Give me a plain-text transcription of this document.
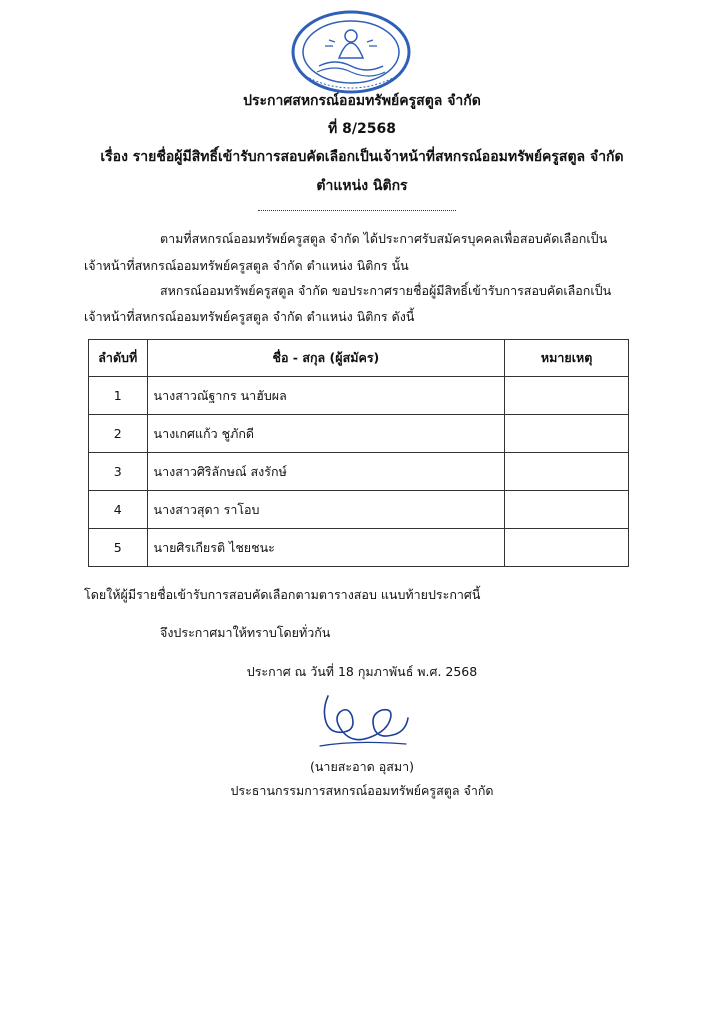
ประกาศสหกรณ์ออมทรัพย์ครูสตูล จำกัด
ที่ 8/2568
เรื่อง รายชื่อผู้มีสิทธิ์เข้ารับการสอบคัดเลือกเป็นเจ้าหน้าที่สหกรณ์ออมทรัพย์ครูสตูล จำกัด
ตำแหน่ง นิติกร
ตามที่สหกรณ์ออมทรัพย์ครูสตูล จำกัด ได้ประกาศรับสมัครบุคคลเพื่อสอบคัดเลือกเป็น
เจ้าหน้าที่สหกรณ์ออมทรัพย์ครูสตูล จำกัด ตำแหน่ง นิติกร นั้น
สหกรณ์ออมทรัพย์ครูสตูล จำกัด ขอประกาศรายชื่อผู้มีสิทธิ์เข้ารับการสอบคัดเลือกเป็น
เจ้าหน้าที่สหกรณ์ออมทรัพย์ครูสตูล จำกัด ตำแหน่ง นิติกร ดังนี้
ลำดับที่	ชื่อ - สกุล (ผู้สมัคร)	หมายเหตุ
1	นางสาวณัฐากร นาฮับผล	
2	นางเกศแก้ว ชูภักดี	
3	นางสาวศิริลักษณ์ สงรักษ์	
4	นางสาวสุดา ราโอบ	
5	นายศิรเกียรติ ไชยชนะ	
โดยให้ผู้มีรายชื่อเข้ารับการสอบคัดเลือกตามตารางสอบ แนบท้ายประกาศนี้
จึงประกาศมาให้ทราบโดยทั่วกัน
ประกาศ ณ วันที่ 18 กุมภาพันธ์ พ.ศ. 2568
(นายสะอาด อุสมา)
ประธานกรรมการสหกรณ์ออมทรัพย์ครูสตูล จำกัด
